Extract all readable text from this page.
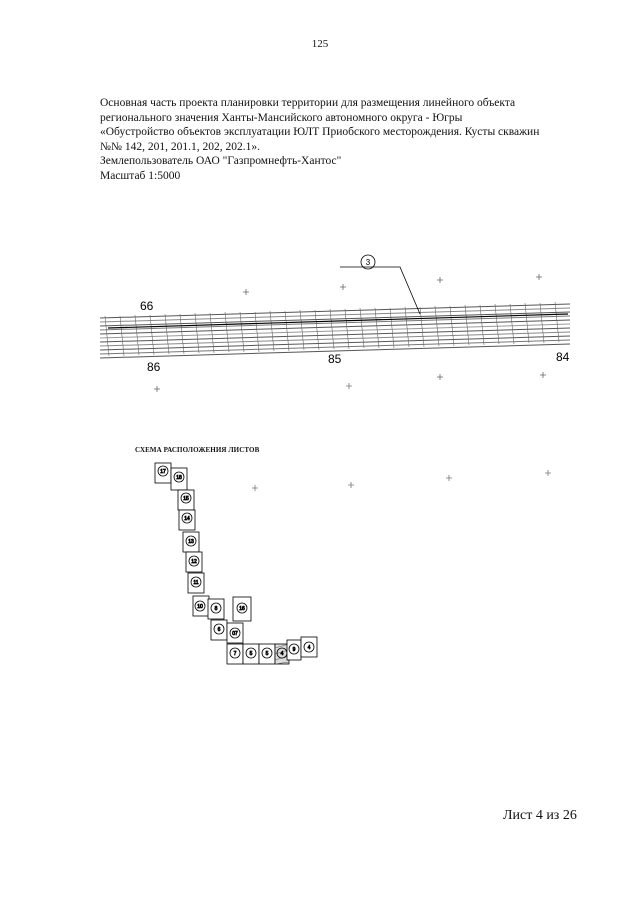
125
Основная часть проекта планировки территории для размещения линейного объекта
регионального значения Ханты-Мансийского автономного округа - Югры
«Обустройство объектов эксплуатации ЮЛТ Приобского месторождения. Кусты скважин
№№ 142, 201, 201.1, 202, 202.1».
Землепользователь ОАО "Газпромнефть-Хантос"
Масштаб 1:5000
3
66
86
85	84
СХЕМА РАСПОЛОЖЕНИЯ ЛИСТОВ
17
18
15
14
13
12
11
10 8	16
6
07
7	5	5 4
9 4
Лист 4 из 26
